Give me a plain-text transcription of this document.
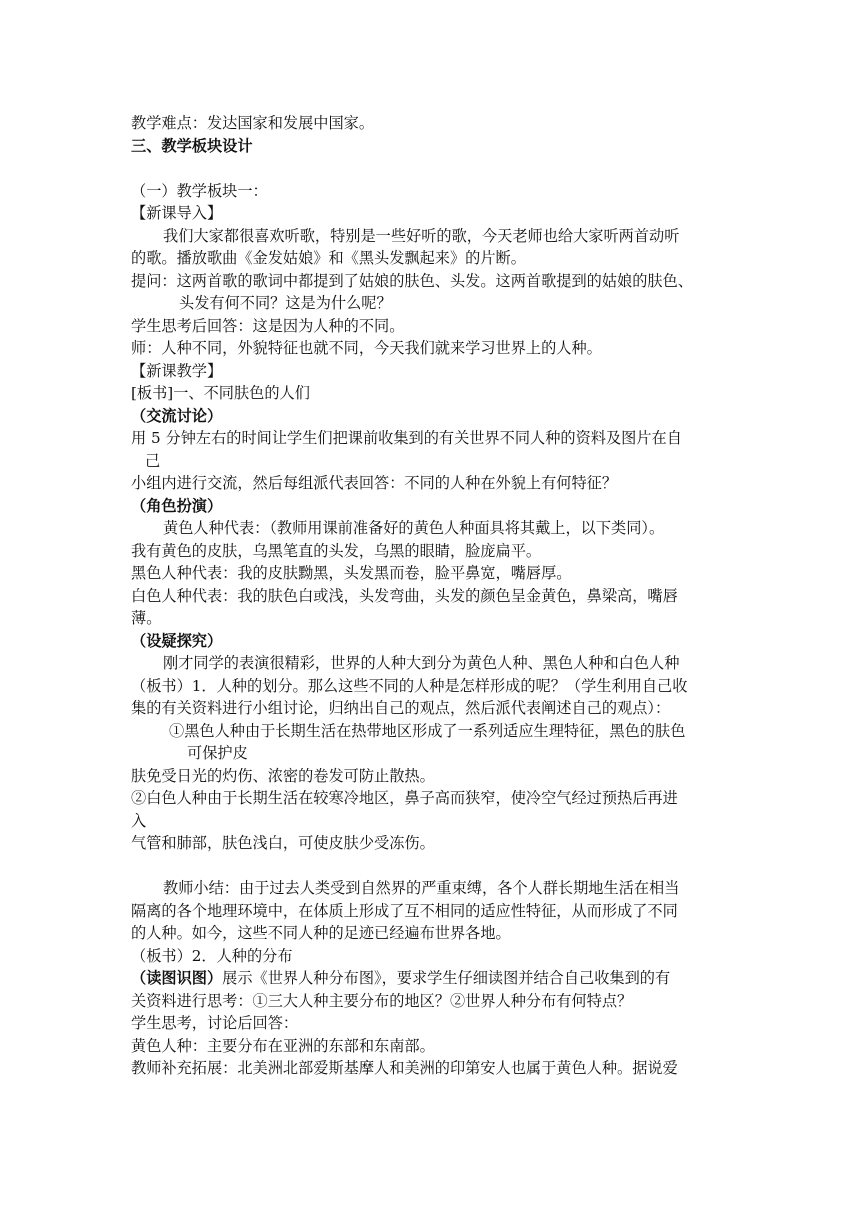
教学难点：发达国家和发展中国家。

三、教学板块设计

（一）教学板块一：

【新课导入】

我们大家都很喜欢听歌，特别是一些好听的歌，今天老师也给大家听两首动听

的歌。播放歌曲《金发姑娘》和《黑头发飘起来》的片断。

提问：这两首歌的歌词中都提到了姑娘的肤色、头发。这两首歌提到的姑娘的肤色、

头发有何不同？这是为什么呢？

学生思考后回答：这是因为人种的不同。

师：人种不同，外貌特征也就不同，今天我们就来学习世界上的人种。

【新课教学】

[板书]一、不同肤色的人们

（交流讨论）

用 5 分钟左右的时间让学生们把课前收集到的有关世界不同人种的资料及图片在自

己

小组内进行交流，然后每组派代表回答：不同的人种在外貌上有何特征？

（角色扮演）

黄色人种代表：（教师用课前准备好的黄色人种面具将其戴上，以下类同）。

我有黄色的皮肤，乌黑笔直的头发，乌黑的眼睛，脸庞扁平。

黑色人种代表：我的皮肤黝黑，头发黑而卷，脸平鼻宽，嘴唇厚。

白色人种代表：我的肤色白或浅，头发弯曲，头发的颜色呈金黄色，鼻梁高，嘴唇

薄。

（设疑探究）

刚才同学的表演很精彩，世界的人种大到分为黄色人种、黑色人种和白色人种

（板书）1．人种的划分。那么这些不同的人种是怎样形成的呢？（学生利用自己收

集的有关资料进行小组讨论，归纳出自己的观点，然后派代表阐述自己的观点）：

①黑色人种由于长期生活在热带地区形成了一系列适应生理特征，黑色的肤色

可保护皮

肤免受日光的灼伤、浓密的卷发可防止散热。

②白色人种由于长期生活在较寒冷地区，鼻子高而狭窄，使冷空气经过预热后再进

入

气管和肺部，肤色浅白，可使皮肤少受冻伤。

教师小结：由于过去人类受到自然界的严重束缚，各个人群长期地生活在相当

隔离的各个地理环境中，在体质上形成了互不相同的适应性特征，从而形成了不同

的人种。如今，这些不同人种的足迹已经遍布世界各地。

（板书）2．人种的分布

（读图识图）展示《世界人种分布图》，要求学生仔细读图并结合自己收集到的有

关资料进行思考：①三大人种主要分布的地区？②世界人种分布有何特点？

学生思考，讨论后回答：

黄色人种：主要分布在亚洲的东部和东南部。

教师补充拓展：北美洲北部爱斯基摩人和美洲的印第安人也属于黄色人种。据说爱
